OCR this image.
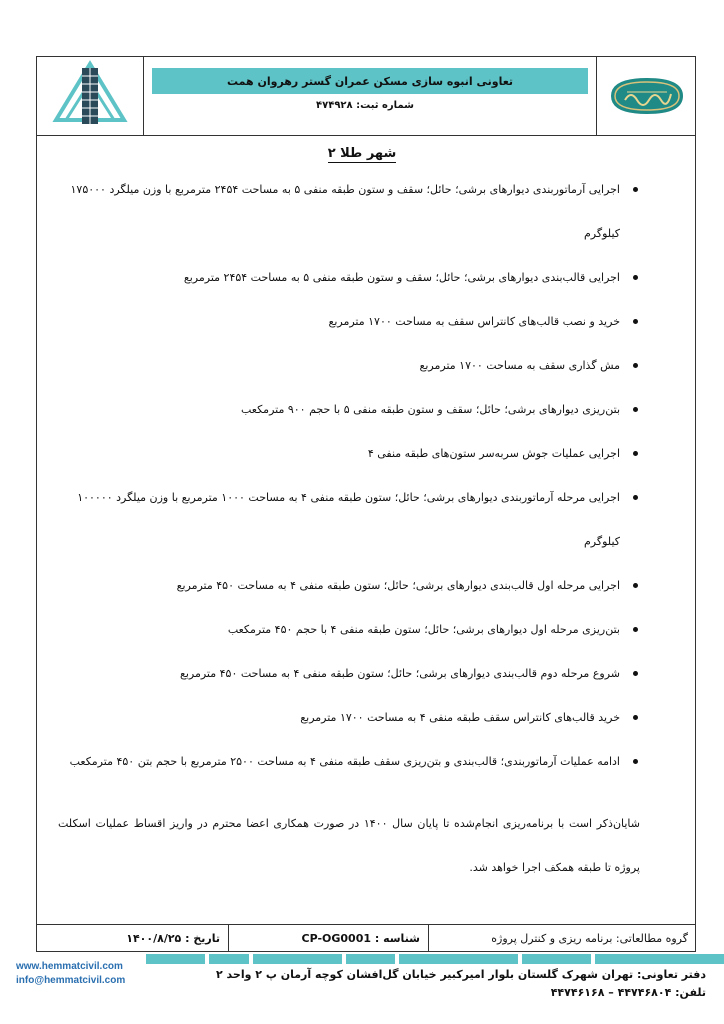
تعاونی انبوه سازی مسکن عمران گستر رهروان همت
شماره ثبت: ۴۷۴۹۲۸
شهر طلا ۲
اجرایی آرماتوربندی دیوارهای برشی؛ حائل؛ سقف و ستون طبقه منفی ۵ به مساحت ۲۴۵۴ مترمربع با وزن میلگرد ۱۷۵۰۰۰ کیلوگرم
اجرایی قالب‌بندی دیوارهای برشی؛ حائل؛ سقف و ستون طبقه منفی ۵ به مساحت ۲۴۵۴ مترمربع
خرید و نصب قالب‌های کانتراس سقف به مساحت ۱۷۰۰ مترمربع
مش گذاری سقف به مساحت ۱۷۰۰ مترمربع
بتن‌ریزی دیوارهای برشی؛ حائل؛ سقف و ستون طبقه منفی ۵ با حجم ۹۰۰ مترمکعب
اجرایی عملیات جوش سربه‌سر ستون‌های طبقه منفی ۴
اجرایی مرحله آرماتوربندی دیوارهای برشی؛ حائل؛ ستون طبقه منفی ۴ به مساحت ۱۰۰۰ مترمربع با وزن میلگرد ۱۰۰۰۰۰ کیلوگرم
اجرایی مرحله اول قالب‌بندی دیوارهای برشی؛ حائل؛ ستون طبقه منفی ۴ به مساحت ۴۵۰ مترمربع
بتن‌ریزی مرحله اول دیوارهای برشی؛ حائل؛ ستون طبقه منفی ۴ با حجم ۴۵۰ مترمکعب
شروع مرحله دوم قالب‌بندی دیوارهای برشی؛ حائل؛ ستون طبقه منفی ۴ به مساحت ۴۵۰ مترمربع
خرید قالب‌های کانتراس سقف طبقه منفی ۴ به مساحت ۱۷۰۰ مترمربع
ادامه عملیات آرماتوربندی؛ قالب‌بندی و بتن‌ریزی سقف طبقه منفی ۴ به مساحت ۲۵۰۰ مترمربع با حجم بتن ۴۵۰ مترمکعب
شایان‌ذکر است با برنامه‌ریزی انجام‌شده تا پایان سال ۱۴۰۰ در صورت همکاری اعضا محترم در واریز اقساط عملیات اسکلت پروژه تا طبقه همکف اجرا خواهد شد.
گروه مطالعاتی: برنامه ریزی و کنترل پروژه
شناسه : CP-OG0001
تاریخ : ۱۴۰۰/۸/۲۵
www.hemmatcivil.com
info@hemmatcivil.com	دفتر تعاونی: تهران شهرک گلستان بلوار امیرکبیر خیابان گل‌افشان کوچه آرمان پ ۲ واحد ۲
تلفن: ۴۴۷۴۶۸۰۴ – ۴۴۷۴۶۱۶۸
